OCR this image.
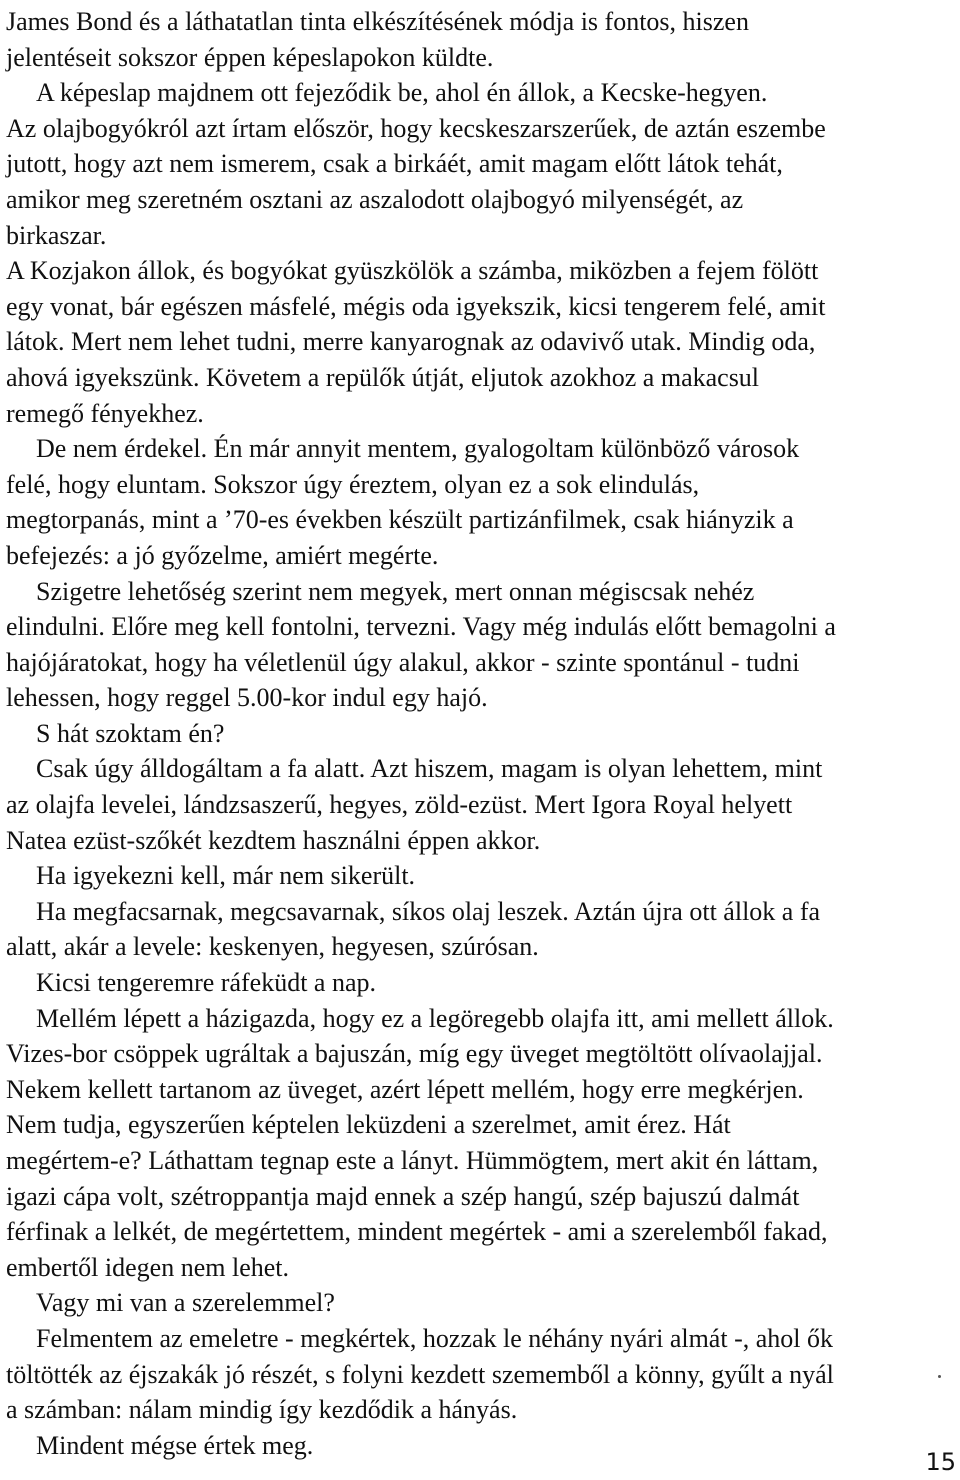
James Bond és a láthatatlan tinta elkészítésének módja is fontos, hiszen jelentéseit sokszor éppen képeslapokon küldte.

A képeslap majdnem ott fejeződik be, ahol én állok, a Kecske-hegyen.

Az olajbogyókról azt írtam először, hogy kecskeszarszerűek, de aztán eszembe jutott, hogy azt nem ismerem, csak a birkáét, amit magam előtt látok tehát, amikor meg szeretném osztani az aszalodott olajbogyó milyenségét, az birkaszar.

A Kozjakon állok, és bogyókat gyüszkölök a számba, miközben a fejem fölött egy vonat, bár egészen másfelé, mégis oda igyekszik, kicsi tengerem felé, amit látok. Mert nem lehet tudni, merre kanyarognak az odavivő utak. Mindig oda, ahová igyekszünk. Követem a repülők útját, eljutok azokhoz a makacsul remegő fényekhez.

De nem érdekel. Én már annyit mentem, gyalogoltam különböző városok felé, hogy eluntam. Sokszor úgy éreztem, olyan ez a sok elindulás, megtorpanás, mint a ’70-es években készült partizánfilmek, csak hiányzik a befejezés: a jó győzelme, amiért megérte.

Szigetre lehetőség szerint nem megyek, mert onnan mégiscsak nehéz elindulni. Előre meg kell fontolni, tervezni. Vagy még indulás előtt bemagolni a hajójáratokat, hogy ha véletlenül úgy alakul, akkor - szinte spontánul - tudni lehessen, hogy reggel 5.00-kor indul egy hajó.

S hát szoktam én?

Csak úgy álldogáltam a fa alatt. Azt hiszem, magam is olyan lehettem, mint az olajfa levelei, lándzsaszerű, hegyes, zöld-ezüst. Mert Igora Royal helyett Natea ezüst-szőkét kezdtem használni éppen akkor.

Ha igyekezni kell, már nem sikerült.

Ha megfacsarnak, megcsavarnak, síkos olaj leszek. Aztán újra ott állok a fa alatt, akár a levele: keskenyen, hegyesen, szúrósan.

Kicsi tengeremre ráfeküdt a nap.

Mellém lépett a házigazda, hogy ez a legöregebb olajfa itt, ami mellett állok. Vizes-bor csöppek ugráltak a bajuszán, míg egy üveget megtöltött olívaolajjal. Nekem kellett tartanom az üveget, azért lépett mellém, hogy erre megkérjen. Nem tudja, egyszerűen képtelen leküzdeni a szerelmet, amit érez. Hát megértem-e? Láthattam tegnap este a lányt. Hümmögtem, mert akit én láttam, igazi cápa volt, szétroppantja majd ennek a szép hangú, szép bajuszú dalmát férfinak a lelkét, de megértettem, mindent megértek - ami a szerelemből fakad, embertől idegen nem lehet.

Vagy mi van a szerelemmel?

Felmentem az emeletre - megkértek, hozzak le néhány nyári almát -, ahol ők töltötték az éjszakák jó részét, s folyni kezdett szememből a könny, gyűlt a nyál a számban: nálam mindig így kezdődik a hányás.

Mindent mégse értek meg.

15
